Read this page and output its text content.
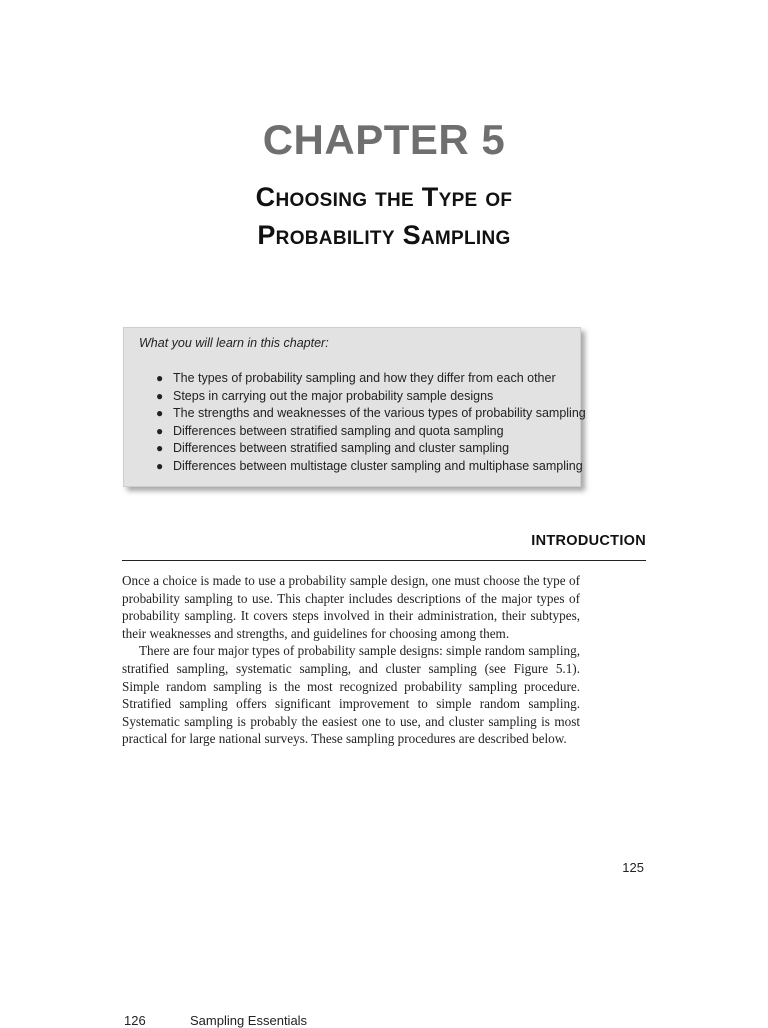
CHAPTER 5
Choosing the Type of
Probability Sampling
What you will learn in this chapter:
● The types of probability sampling and how they differ from each other
● Steps in carrying out the major probability sample designs
● The strengths and weaknesses of the various types of probability sampling
● Differences between stratified sampling and quota sampling
● Differences between stratified sampling and cluster sampling
● Differences between multistage cluster sampling and multiphase sampling
INTRODUCTION

Once a choice is made to use a probability sample design, one must choose the type of probability sampling to use. This chapter includes descriptions of the major types of probability sampling. It covers steps involved in their administration, their subtypes, their weaknesses and strengths, and guidelines for choosing among them.

There are four major types of probability sample designs: simple random sampling, stratified sampling, systematic sampling, and cluster sampling (see Figure 5.1). Simple random sampling is the most recognized probability sampling procedure. Stratified sampling offers significant improvement to simple random sampling. Systematic sampling is probably the easiest one to use, and cluster sampling is most practical for large national surveys. These sampling procedures are described below.

125
126	Sampling Essentials
